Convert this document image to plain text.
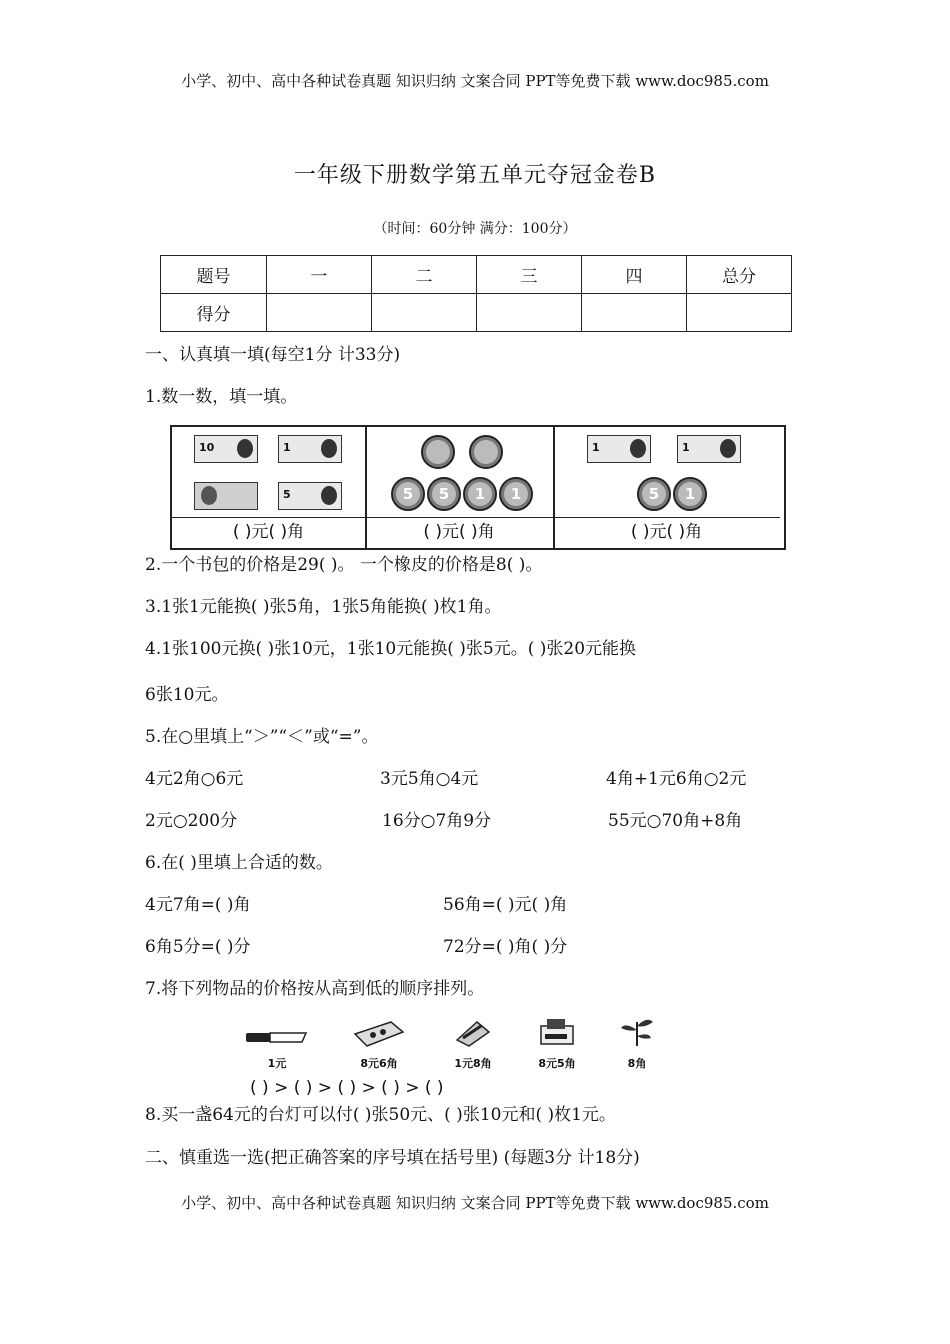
小学、初中、高中各种试卷真题 知识归纳 文案合同 PPT等免费下载 www.doc985.com
一年级下册数学第五单元夺冠金卷B
（时间：60分钟 满分：100分）
题号	一	二	三	四	总分
得分					
一、认真填一填(每空1分 计33分)
1.数一数，填一填。
10	1
5
( )元( )角
5	5	1	1
( )元( )角
1	1
5	1
( )元( )角
2.一个书包的价格是29( )。 一个橡皮的价格是8( )。
3.1张1元能换( )张5角，1张5角能换( )枚1角。
4.1张100元换( )张10元，1张10元能换( )张5元。( )张20元能换
6张10元。
5.在○里填上“＞”“＜”或“=”。
4元2角○6元	3元5角○4元	4角+1元6角○2元
2元○200分	16分○7角9分	55元○70角+8角
6.在( )里填上合适的数。
4元7角=( )角	56角=( )元( )角
6角5分=( )分	72分=( )角( )分
7.将下列物品的价格按从高到低的顺序排列。
1元	8元6角	1元8角	8元5角	8角
( ) > ( ) > ( ) > ( ) > ( )
8.买一盏64元的台灯可以付( )张50元、( )张10元和( )枚1元。
二、慎重选一选(把正确答案的序号填在括号里) (每题3分 计18分)
小学、初中、高中各种试卷真题 知识归纳 文案合同 PPT等免费下载 www.doc985.com
